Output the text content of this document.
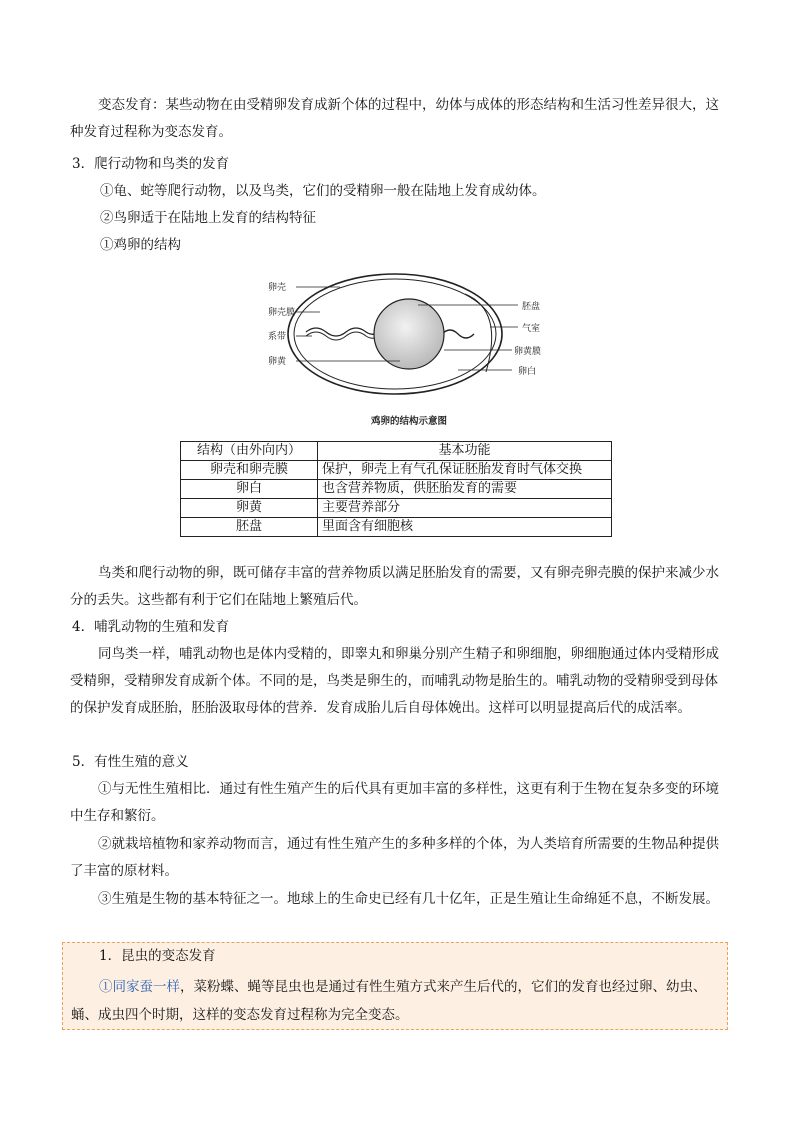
变态发育：某些动物在由受精卵发育成新个体的过程中，幼体与成体的形态结构和生活习性差异很大，这种发育过程称为变态发育。

3．爬行动物和鸟类的发育

①龟、蛇等爬行动物，以及鸟类，它们的受精卵一般在陆地上发育成幼体。

②鸟卵适于在陆地上发育的结构特征

①鸡卵的结构

卵壳
卵壳膜
系带
卵黄
胚盘
气室
卵黄膜
卵白
鸡卵的结构示意图
结构（由外向内）	基本功能
卵壳和卵壳膜	保护，卵壳上有气孔保证胚胎发育时气体交换
卵白	也含营养物质，供胚胎发育的需要
卵黄	主要营养部分
胚盘	里面含有细胞核

鸟类和爬行动物的卵，既可储存丰富的营养物质以满足胚胎发育的需要，又有卵壳卵壳膜的保护来减少水分的丢失。这些都有利于它们在陆地上繁殖后代。

4．哺乳动物的生殖和发育

同鸟类一样，哺乳动物也是体内受精的，即睾丸和卵巢分别产生精子和卵细胞，卵细胞通过体内受精形成受精卵，受精卵发育成新个体。不同的是，鸟类是卵生的，而哺乳动物是胎生的。哺乳动物的受精卵受到母体的保护发育成胚胎，胚胎汲取母体的营养．发育成胎儿后自母体娩出。这样可以明显提高后代的成活率。

5．有性生殖的意义

①与无性生殖相比．通过有性生殖产生的后代具有更加丰富的多样性，这更有利于生物在复杂多变的环境中生存和繁衍。

②就栽培植物和家养动物而言，通过有性生殖产生的多种多样的个体，为人类培育所需要的生物品种提供了丰富的原材料。

③生殖是生物的基本特征之一。地球上的生命史已经有几十亿年，正是生殖让生命绵延不息，不断发展。

1．昆虫的变态发育

①同家蚕一样，菜粉蝶、蝇等昆虫也是通过有性生殖方式来产生后代的，它们的发育也经过卵、幼虫、蛹、成虫四个时期，这样的变态发育过程称为完全变态。
